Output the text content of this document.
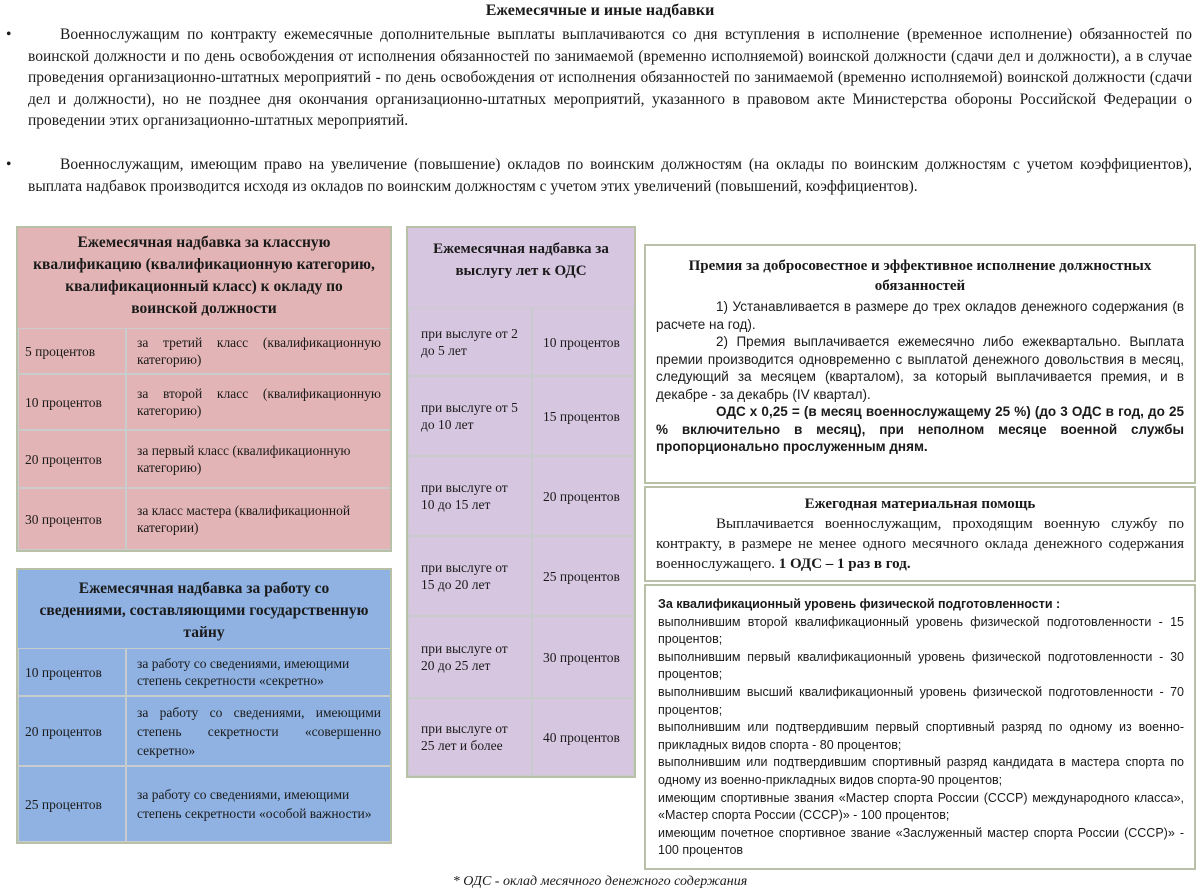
Ежемесячные и иные надбавки
•	Военнослужащим по контракту ежемесячные дополнительные выплаты выплачиваются со дня вступления в исполнение (временное исполнение) обязанностей по воинской должности и по день освобождения от исполнения обязанностей по занимаемой (временно исполняемой) воинской должности (сдачи дел и должности), а в случае проведения организационно-штатных мероприятий - по день освобождения от исполнения обязанностей по занимаемой (временно исполняемой) воинской должности (сдачи дел и должности), но не позднее дня окончания организационно-штатных мероприятий, указанного в правовом акте Министерства обороны Российской Федерации о проведении этих организационно-штатных мероприятий.
•	Военнослужащим, имеющим право на увеличение (повышение) окладов по воинским должностям (на оклады по воинским должностям с учетом коэффициентов), выплата надбавок производится исходя из окладов по воинским должностям с учетом этих увеличений (повышений, коэффициентов).
Ежемесячная надбавка за классную квалификацию (квалификационную категорию, квалификационный класс) к окладу по воинской должности
5 процентов
за третий класс (квалификационную категорию)
10 процентов
за второй класс (квалификационную категорию)
20 процентов
за первый класс (квалификационную категорию)
30 процентов
за класс мастера (квалификационной категории)
Ежемесячная надбавка за работу со сведениями, составляющими государственную тайну
10 процентов
за работу со сведениями, имеющими степень секретности «секретно»
20 процентов
за работу со сведениями, имеющими степень секретности «совершенно секретно»
25 процентов
за работу со сведениями, имеющими степень секретности «особой важности»
Ежемесячная надбавка за выслугу лет к ОДС
при выслуге от 2 до 5 лет
10 процентов
при выслуге от 5 до 10 лет
15 процентов
при выслуге от 10 до 15 лет
20 процентов
при выслуге от 15 до 20 лет
25 процентов
при выслуге от 20 до 25 лет
30 процентов
при выслуге от 25 лет и более
40 процентов
Премия за добросовестное и эффективное исполнение должностных обязанностей
1) Устанавливается в размере до трех окладов денежного содержания (в расчете на год).
2) Премия выплачивается ежемесячно либо ежеквартально. Выплата премии производится одновременно с выплатой денежного довольствия в месяц, следующий за месяцем (кварталом), за который выплачивается премия, и в декабре - за декабрь (IV квартал).
ОДС х 0,25 = (в месяц военнослужащему 25 %) (до 3 ОДС в год, до 25 % включительно в месяц), при неполном месяце военной службы пропорционально прослуженным дням.
Ежегодная материальная помощь
Выплачивается военнослужащим, проходящим военную службу по контракту, в размере не менее одного месячного оклада денежного содержания военнослужащего. 1 ОДС – 1 раз в год.
За квалификационный уровень физической подготовленности :
выполнившим второй квалификационный уровень физической подготовленности - 15 процентов;
выполнившим первый квалификационный уровень физической подготовленности - 30 процентов;
выполнившим высший квалификационный уровень физической подготовленности - 70 процентов;
выполнившим или подтвердившим первый спортивный разряд по одному из военно-прикладных видов спорта - 80 процентов;
выполнившим или подтвердившим спортивный разряд кандидата в мастера спорта по одному из военно-прикладных видов спорта-90 процентов;
имеющим спортивные звания «Мастер спорта России (СССР) международного класса», «Мастер спорта России (СССР)» - 100 процентов;
имеющим почетное спортивное звание «Заслуженный мастер спорта России (СССР)» - 100 процентов
* ОДС - оклад месячного денежного содержания
